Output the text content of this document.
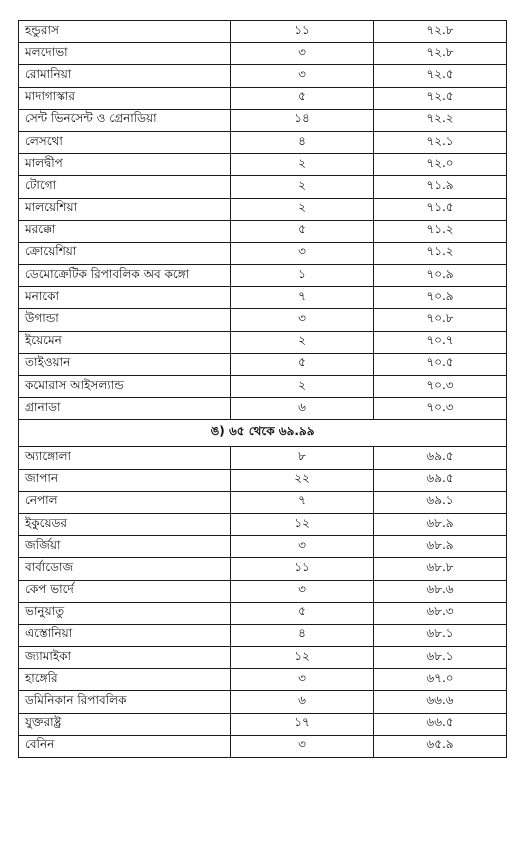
হন্ডুরাস	১১	৭২.৮
মলদোভা	৩	৭২.৮
রোমানিয়া	৩	৭২.৫
মাদাগাস্কার	৫	৭২.৫
সেন্ট ভিনসেন্ট ও গ্রেনাডিয়া	১৪	৭২.২
লেসথো	৪	৭২.১
মালদ্বীপ	২	৭২.০
টোগো	২	৭১.৯
মালয়েশিয়া	২	৭১.৫
মরক্কো	৫	৭১.২
ক্রোয়েশিয়া	৩	৭১.২
ডেমোক্রেটিক রিপাবলিক অব কঙ্গো	১	৭০.৯
মনাকো	৭	৭০.৯
উগান্ডা	৩	৭০.৮
ইয়েমেন	২	৭০.৭
তাইওয়ান	৫	৭০.৫
কমোরাস আইসল্যান্ড	২	৭০.৩
গ্রানাডা	৬	৭০.৩
ঙ) ৬৫ থেকে ৬৯.৯৯		
অ্যাঙ্গোলা	৮	৬৯.৫
জাপান	২২	৬৯.৫
নেপাল	৭	৬৯.১
ইকুয়েডর	১২	৬৮.৯
জর্জিয়া	৩	৬৮.৯
বার্বাডোজ	১১	৬৮.৮
কেপ ভার্দে	৩	৬৮.৬
ভানুয়াতু	৫	৬৮.৩
এস্তোনিয়া	৪	৬৮.১
জ্যামাইকা	১২	৬৮.১
হাঙ্গেরি	৩	৬৭.০
ডমিনিকান রিপাবলিক	৬	৬৬.৬
যুক্তরাষ্ট্র	১৭	৬৬.৫
বেনিন	৩	৬৫.৯
